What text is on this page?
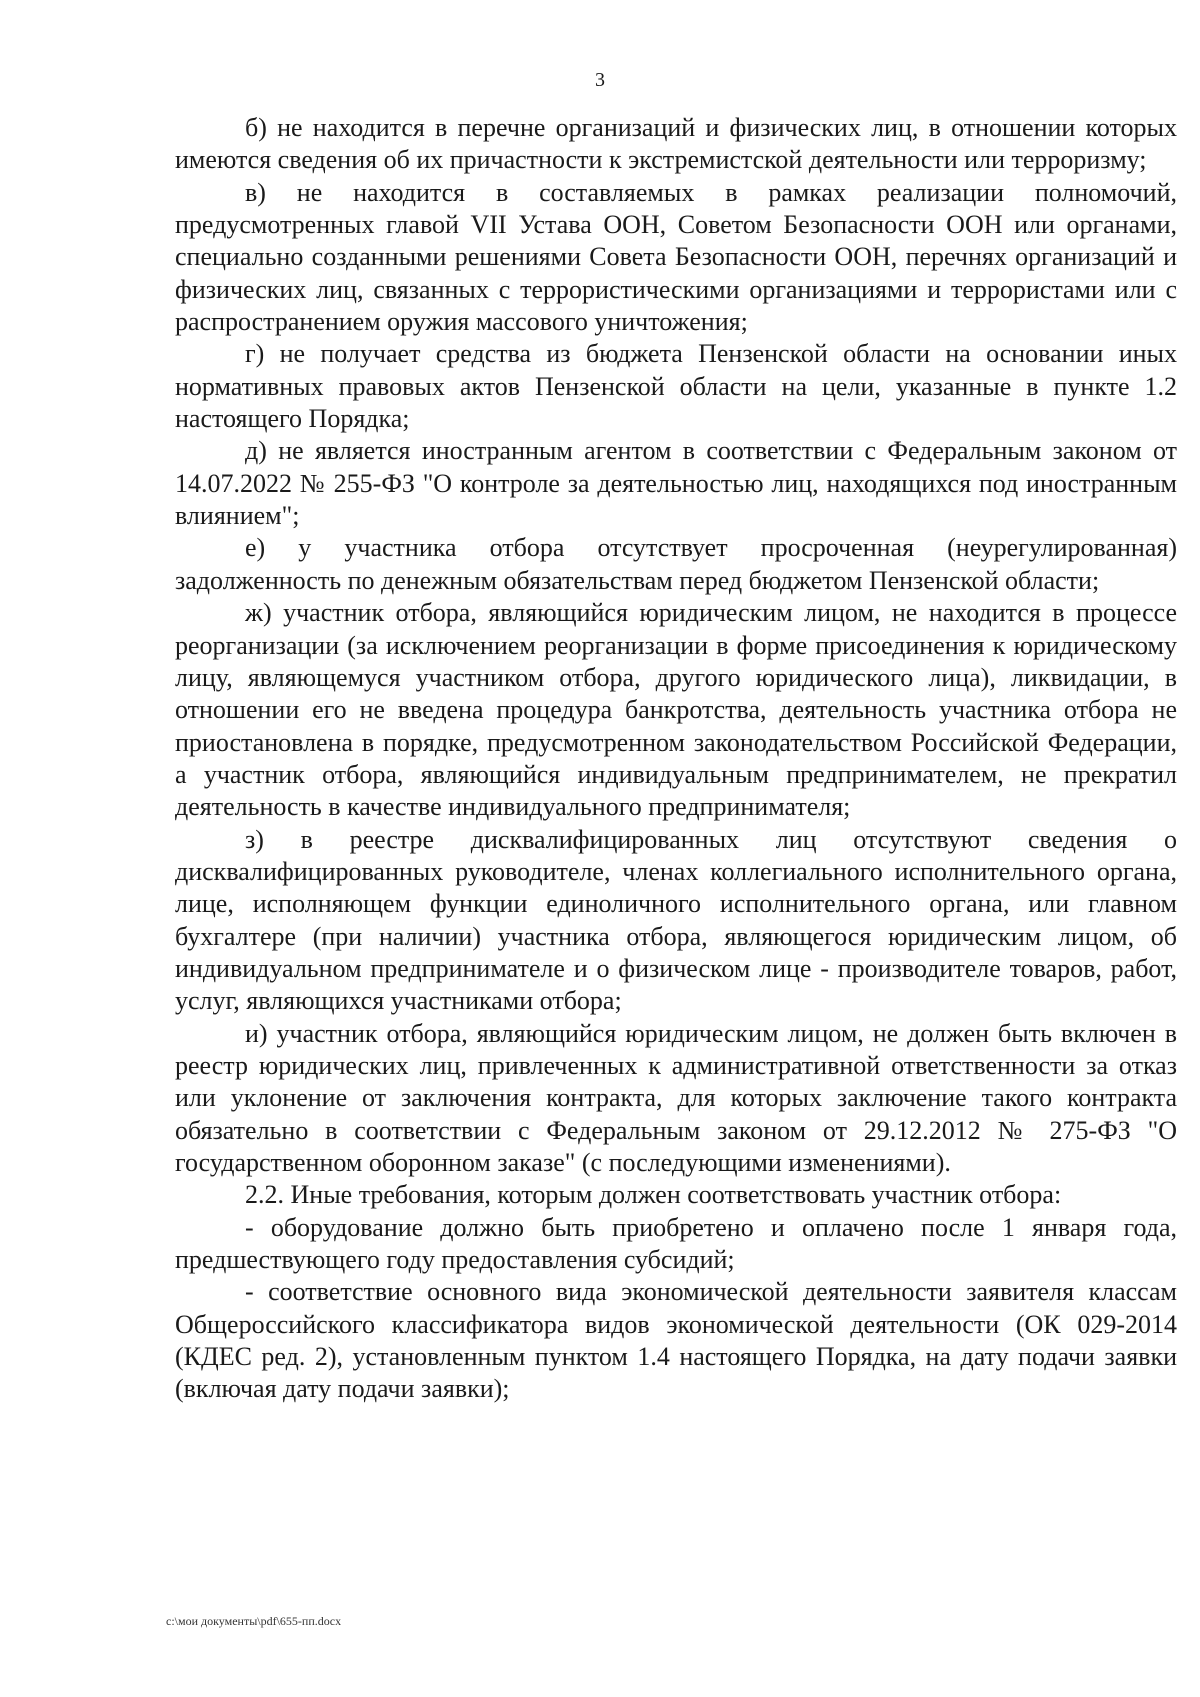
3

б) не находится в перечне организаций и физических лиц, в отношении которых имеются сведения об их причастности к экстремистской деятельности или терроризму;

в) не находится в составляемых в рамках реализации полномочий, предусмотренных главой VII Устава ООН, Советом Безопасности ООН или органами, специально созданными решениями Совета Безопасности ООН, перечнях организаций и физических лиц, связанных с террористическими организациями и террористами или с распространением оружия массового уничтожения;

г) не получает средства из бюджета Пензенской области на основании иных нормативных правовых актов Пензенской области на цели, указанные в пункте 1.2 настоящего Порядка;

д) не является иностранным агентом в соответствии с Федеральным законом от 14.07.2022 № 255-ФЗ "О контроле за деятельностью лиц, находящихся под иностранным влиянием";

е) у участника отбора отсутствует просроченная (неурегулированная) задолженность по денежным обязательствам перед бюджетом Пензенской области;

ж) участник отбора, являющийся юридическим лицом, не находится в процессе реорганизации (за исключением реорганизации в форме присоединения к юридическому лицу, являющемуся участником отбора, другого юридического лица), ликвидации, в отношении его не введена процедура банкротства, деятельность участника отбора не приостановлена в порядке, предусмотренном законодательством Российской Федерации, а участник отбора, являющийся индивидуальным предпринимателем, не прекратил деятельность в качестве индивидуального предпринимателя;

з) в реестре дисквалифицированных лиц отсутствуют сведения о дисквалифицированных руководителе, членах коллегиального исполнительного органа, лице, исполняющем функции единоличного исполнительного органа, или главном бухгалтере (при наличии) участника отбора, являющегося юридическим лицом, об индивидуальном предпринимателе и о физическом лице - производителе товаров, работ, услуг, являющихся участниками отбора;

и) участник отбора, являющийся юридическим лицом, не должен быть включен в реестр юридических лиц, привлеченных к административной ответственности за отказ или уклонение от заключения контракта, для которых заключение такого контракта обязательно в соответствии с Федеральным законом от 29.12.2012 № 275-ФЗ "О государственном оборонном заказе" (с последующими изменениями).

2.2. Иные требования, которым должен соответствовать участник отбора:

- оборудование должно быть приобретено и оплачено после 1 января года, предшествующего году предоставления субсидий;

- соответствие основного вида экономической деятельности заявителя классам Общероссийского классификатора видов экономической деятельности (ОК 029-2014 (КДЕС ред. 2), установленным пунктом 1.4 настоящего Порядка, на дату подачи заявки (включая дату подачи заявки);

c:\мои документы\pdf\655-пп.docx
